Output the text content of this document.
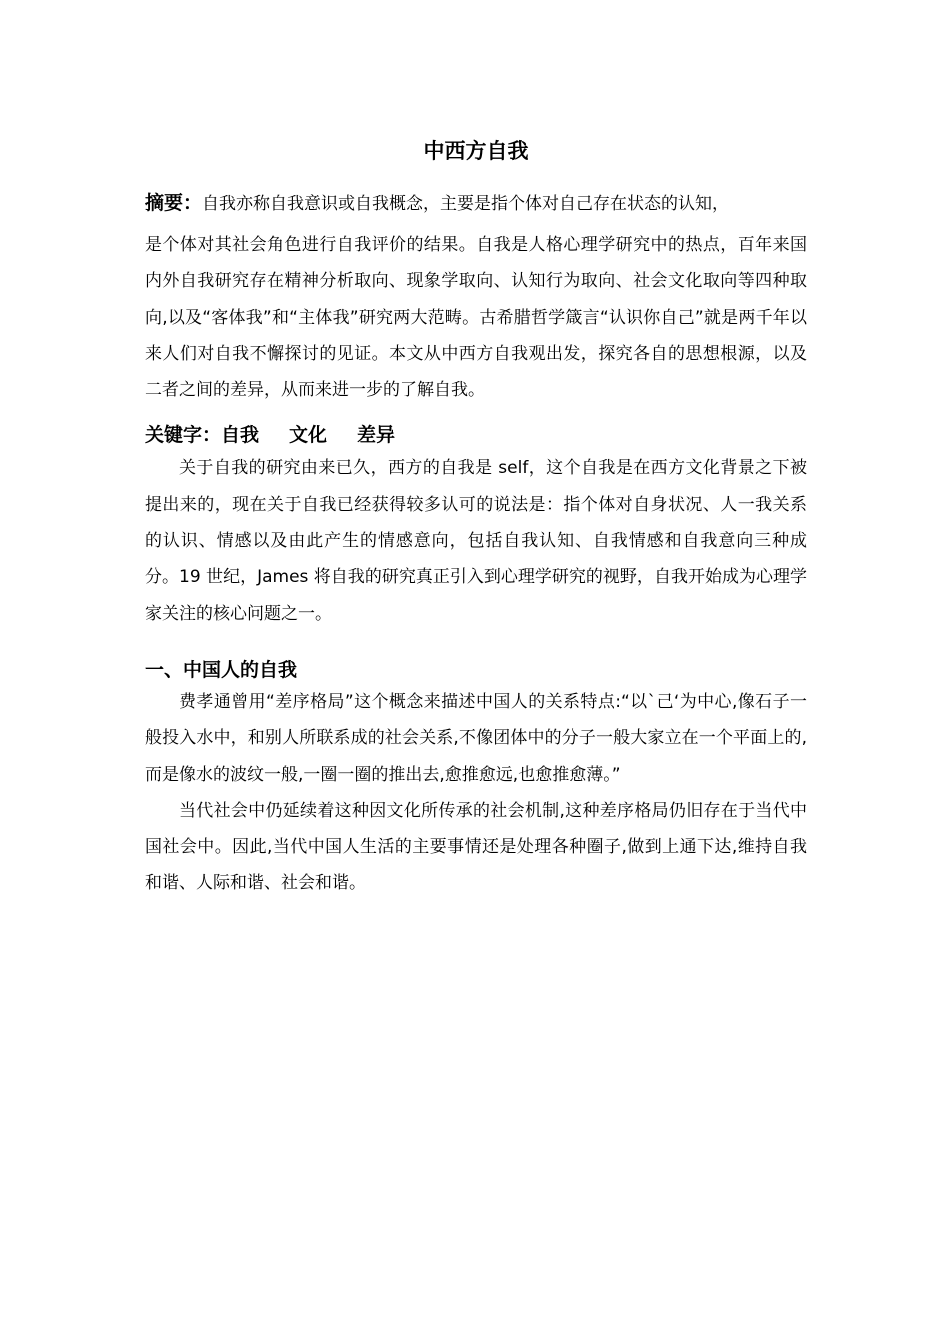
中西方自我

摘要：自我亦称自我意识或自我概念，主要是指个体对自己存在状态的认知，

是个体对其社会角色进行自我评价的结果。自我是人格心理学研究中的热点，百年来国内外自我研究存在精神分析取向、现象学取向、认知行为取向、社会文化取向等四种取向,以及“客体我”和“主体我”研究两大范畴。古希腊哲学箴言“认识你自己”就是两千年以来人们对自我不懈探讨的见证。本文从中西方自我观出发，探究各自的思想根源，以及二者之间的差异，从而来进一步的了解自我。

关键字：自我 文化 差异

关于自我的研究由来已久，西方的自我是 self，这个自我是在西方文化背景之下被提出来的，现在关于自我已经获得较多认可的说法是：指个体对自身状况、人一我关系的认识、情感以及由此产生的情感意向，包括自我认知、自我情感和自我意向三种成分。19 世纪，James 将自我的研究真正引入到心理学研究的视野，自我开始成为心理学家关注的核心问题之一。

一、中国人的自我

费孝通曾用“差序格局”这个概念来描述中国人的关系特点:“以`己‘为中心,像石子一般投入水中，和别人所联系成的社会关系,不像团体中的分子一般大家立在一个平面上的,而是像水的波纹一般,一圈一圈的推出去,愈推愈远,也愈推愈薄。”

当代社会中仍延续着这种因文化所传承的社会机制,这种差序格局仍旧存在于当代中国社会中。因此,当代中国人生活的主要事情还是处理各种圈子,做到上通下达,维持自我和谐、人际和谐、社会和谐。
